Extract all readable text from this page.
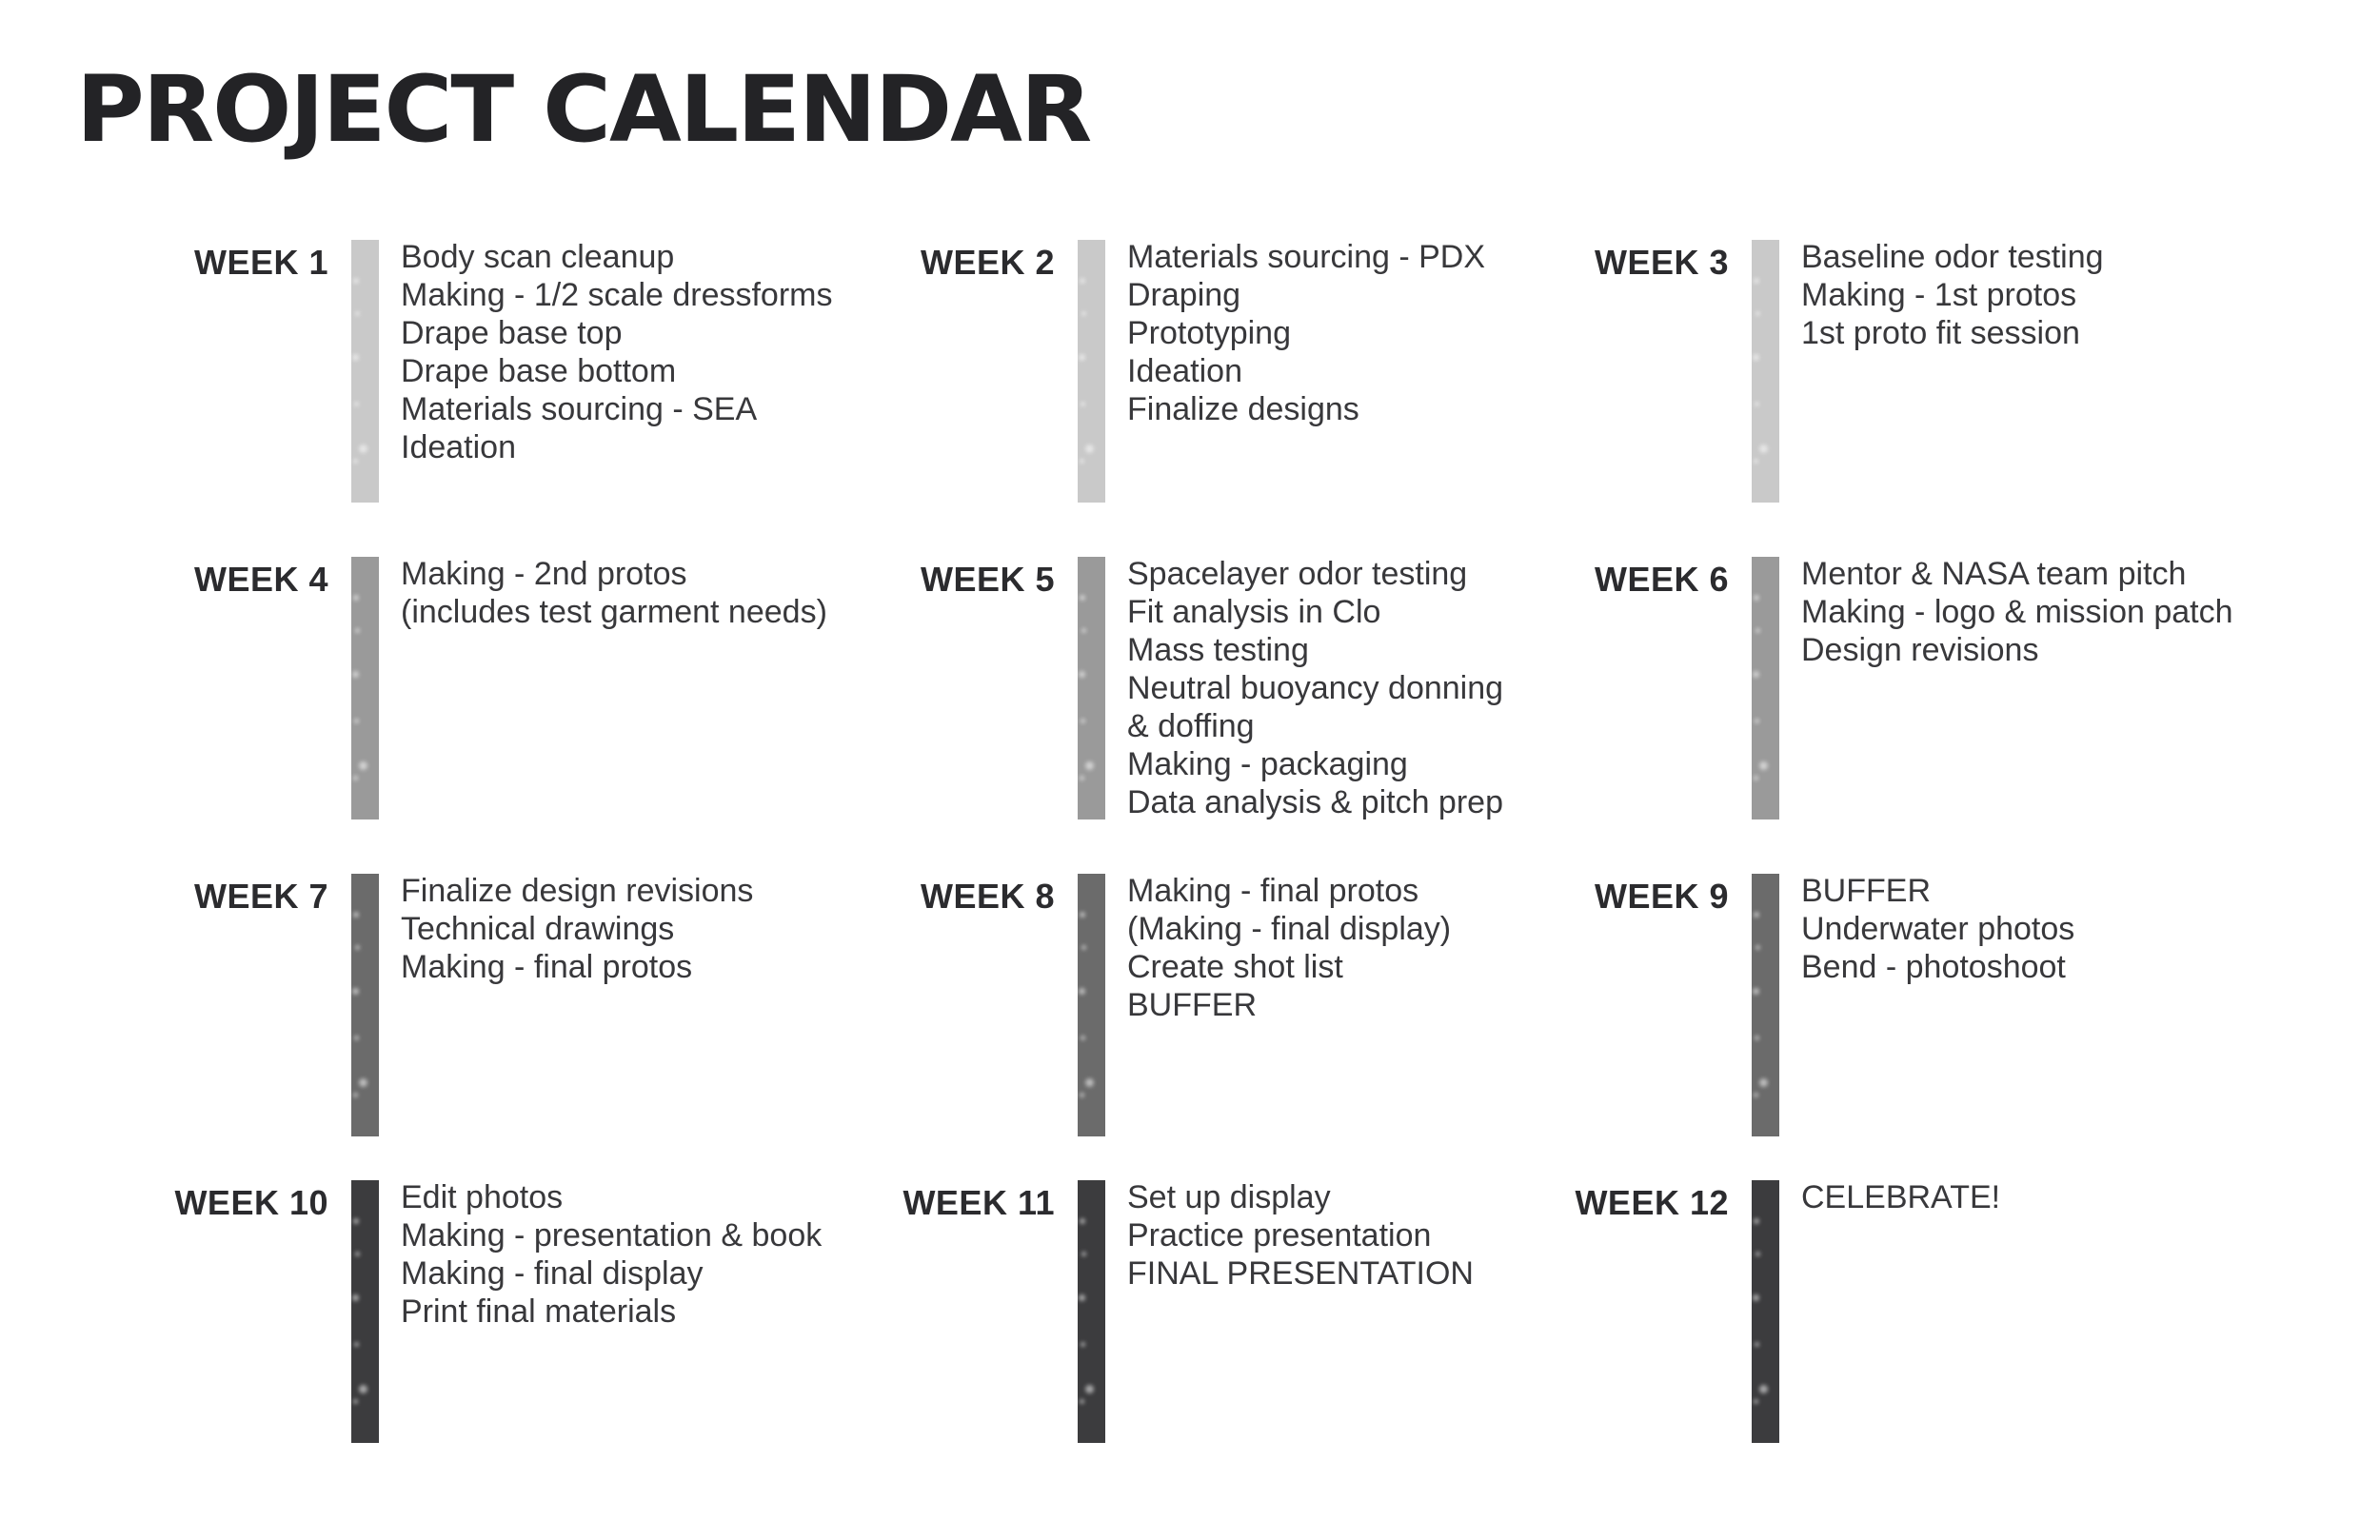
PROJECT CALENDAR
WEEK 1 Body scan cleanup
Making - 1/2 scale dressforms
Drape base top
Drape base bottom
Materials sourcing - SEA
Ideation
WEEK 2 Materials sourcing - PDX
Draping
Prototyping
Ideation
Finalize designs
WEEK 3 Baseline odor testing
Making - 1st protos
1st proto fit session
WEEK 4 Making - 2nd protos
(includes test garment needs)
WEEK 5 Spacelayer odor testing
Fit analysis in Clo
Mass testing
Neutral buoyancy donning
& doffing
Making - packaging
Data analysis & pitch prep
WEEK 6 Mentor & NASA team pitch
Making - logo & mission patch
Design revisions
WEEK 7 Finalize design revisions
Technical drawings
Making - final protos
WEEK 8 Making - final protos
(Making - final display)
Create shot list
BUFFER
WEEK 9 BUFFER
Underwater photos
Bend - photoshoot
WEEK 10 Edit photos
Making - presentation & book
Making - final display
Print final materials
WEEK 11 Set up display
Practice presentation
FINAL PRESENTATION
WEEK 12 CELEBRATE!
